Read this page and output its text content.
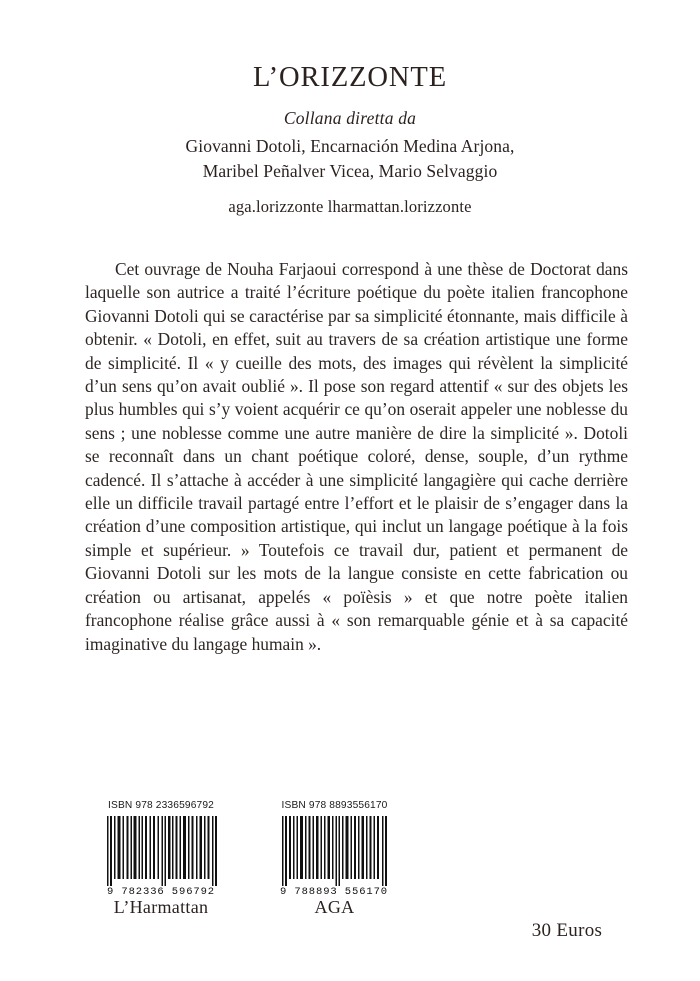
L’ORIZZONTE
Collana diretta da
Giovanni Dotoli, Encarnación Medina Arjona,
Maribel Peñalver Vicea, Mario Selvaggio
aga.lorizzonte lharmattan.lorizzonte
Cet ouvrage de Nouha Farjaoui correspond à une thèse de Doctorat dans laquelle son autrice a traité l’écriture poétique du poète italien francophone Giovanni Dotoli qui se caractérise par sa simplicité étonnante, mais difficile à obtenir. « Dotoli, en effet, suit au travers de sa création artistique une forme de simplicité. Il « y cueille des mots, des images qui révèlent la simplicité d’un sens qu’on avait oublié ». Il pose son regard attentif « sur des objets les plus humbles qui s’y voient acquérir ce qu’on oserait appeler une noblesse du sens ; une noblesse comme une autre manière de dire la simplicité ». Dotoli se reconnaît dans un chant poétique coloré, dense, souple, d’un rythme cadencé. Il s’attache à accéder à une simplicité langagière qui cache derrière elle un difficile travail partagé entre l’effort et le plaisir de s’engager dans la création d’une composition artistique, qui inclut un langage poétique à la fois simple et supérieur. » Toutefois ce travail dur, patient et permanent de Giovanni Dotoli sur les mots de la langue consiste en cette fabrication ou création ou artisanat, appelés « poïèsis » et que notre poète italien francophone réalise grâce aussi à « son remarquable génie et à sa capacité imaginative du langage humain ».
ISBN 978 2336596792
9 782336 596792
L’Harmattan
ISBN 978 8893556170
9 788893 556170
AGA
30 Euros
